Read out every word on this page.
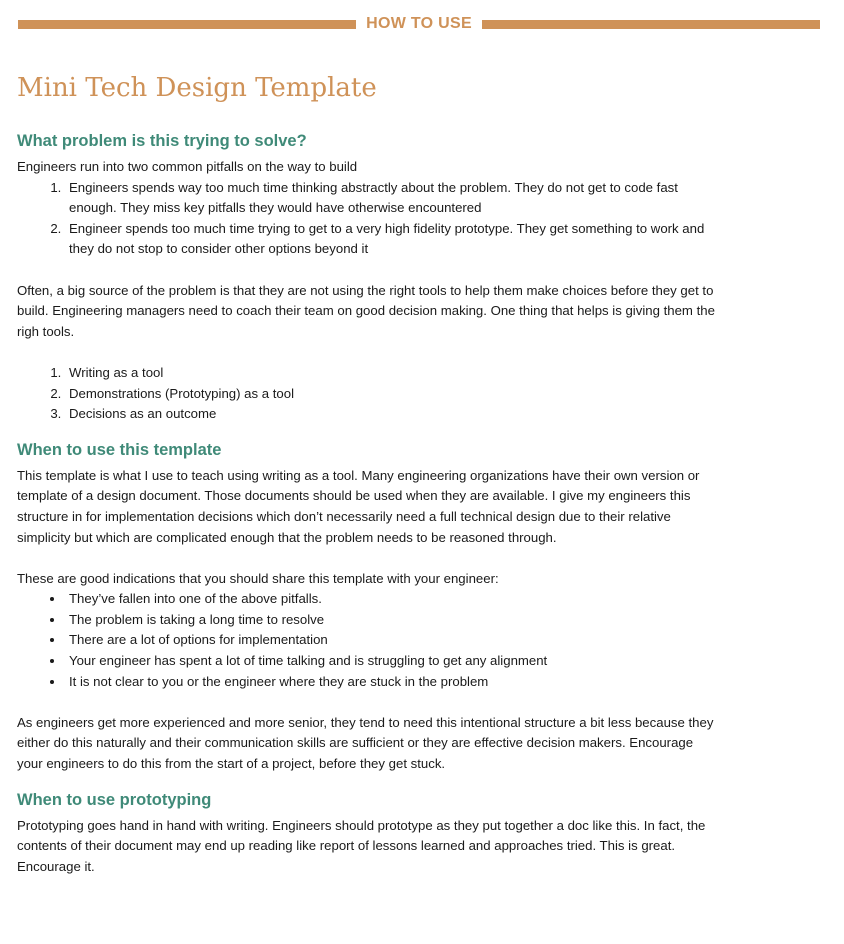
HOW TO USE
Mini Tech Design Template
What problem is this trying to solve?

Engineers run into two common pitfalls on the way to build

1. Engineers spends way too much time thinking abstractly about the problem. They do not get to code fast enough. They miss key pitfalls they would have otherwise encountered
2. Engineer spends too much time trying to get to a very high fidelity prototype. They get something to work and they do not stop to consider other options beyond it

Often, a big source of the problem is that they are not using the right tools to help them make choices before they get to build. Engineering managers need to coach their team on good decision making. One thing that helps is giving them the righ tools.

1. Writing as a tool
2. Demonstrations (Prototyping) as a tool
3. Decisions as an outcome
When to use this template

This template is what I use to teach using writing as a tool. Many engineering organizations have their own version or template of a design document. Those documents should be used when they are available. I give my engineers this structure in for implementation decisions which don’t necessarily need a full technical design due to their relative simplicity but which are complicated enough that the problem needs to be reasoned through.

These are good indications that you should share this template with your engineer:

• They’ve fallen into one of the above pitfalls.
• The problem is taking a long time to resolve
• There are a lot of options for implementation
• Your engineer has spent a lot of time talking and is struggling to get any alignment
• It is not clear to you or the engineer where they are stuck in the problem

As engineers get more experienced and more senior, they tend to need this intentional structure a bit less because they either do this naturally and their communication skills are sufficient or they are effective decision makers. Encourage your engineers to do this from the start of a project, before they get stuck.

When to use prototyping

Prototyping goes hand in hand with writing. Engineers should prototype as they put together a doc like this. In fact, the contents of their document may end up reading like report of lessons learned and approaches tried. This is great. Encourage it.
